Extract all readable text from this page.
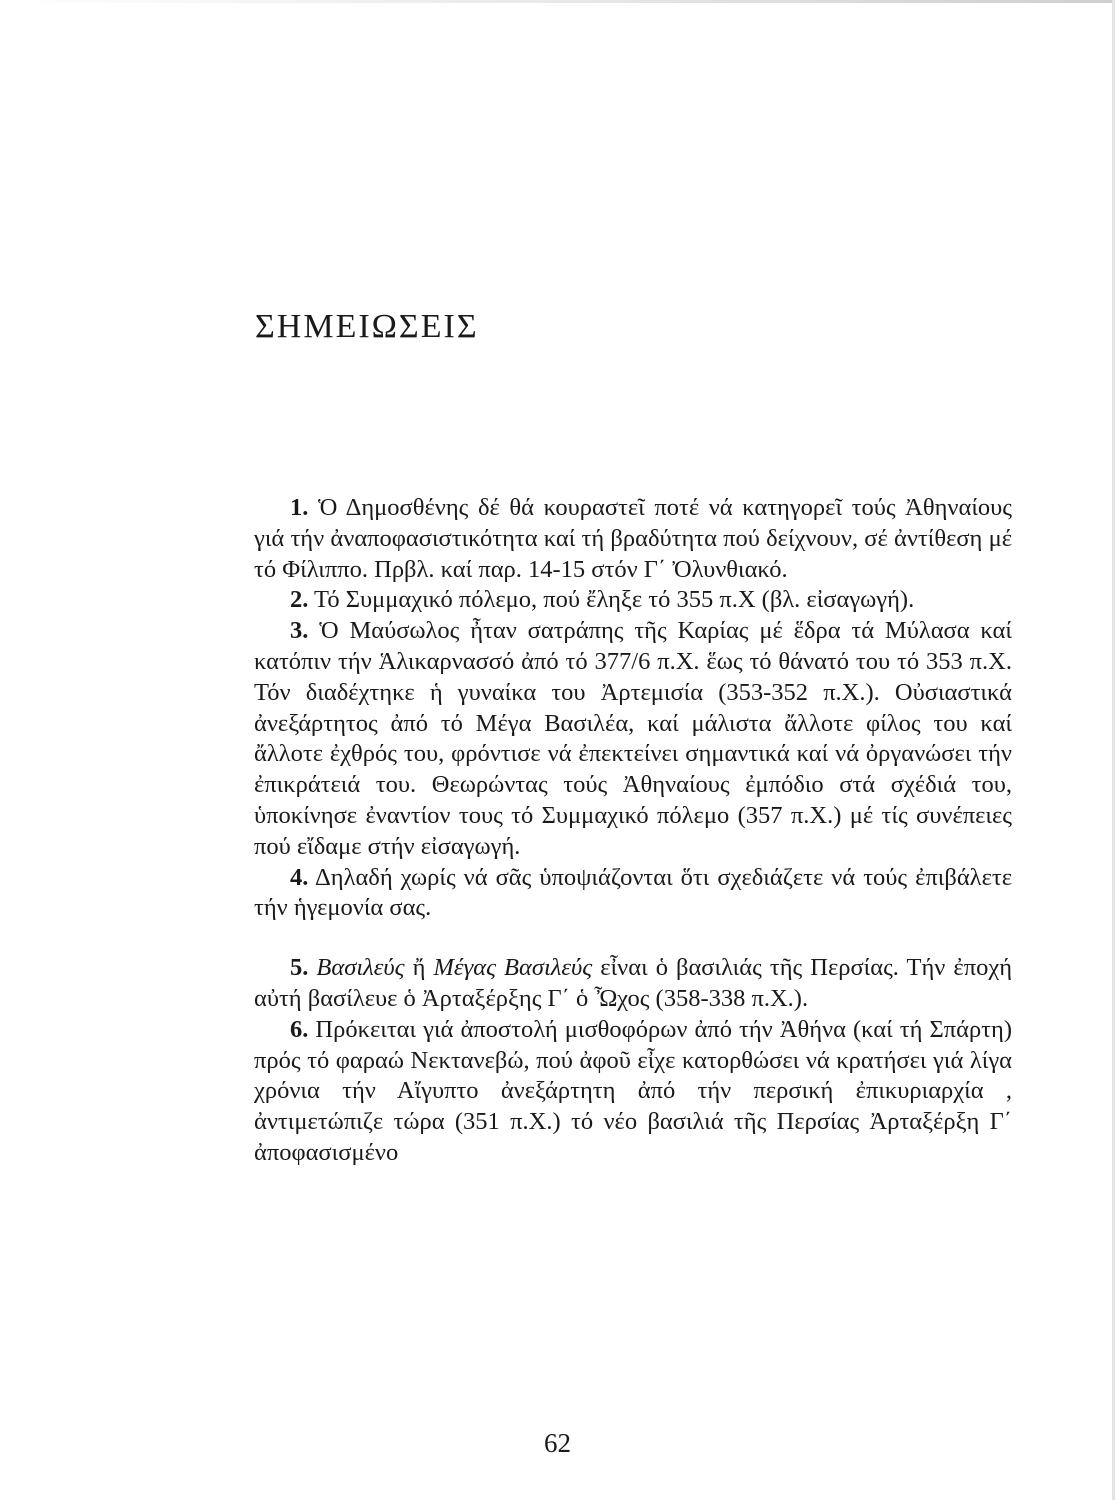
ΣΗΜΕΙΩΣΕΙΣ

1. Ὁ Δημοσθένης δέ θά κουραστεῖ ποτέ νά κατηγορεῖ τούς Ἀθηναίους γιά τήν ἀναποφασιστικότητα καί τή βραδύτητα πού δείχνουν, σέ ἀντίθεση μέ τό Φίλιππο. Πρβλ. καί παρ. 14-15 στόν Γ΄ Ὀλυνθιακό.

2. Τό Συμμαχικό πόλεμο, πού ἔληξε τό 355 π.Χ (βλ. εἰσαγωγή).

3. Ὁ Μαύσωλος ἦταν σατράπης τῆς Καρίας μέ ἕδρα τά Μύλασα καί κατόπιν τήν Ἁλικαρνασσό ἀπό τό 377/6 π.Χ. ἕως τό θάνατό του τό 353 π.Χ. Τόν διαδέχτηκε ἡ γυναίκα του Ἀρτεμισία (353-352 π.Χ.). Οὐσιαστικά ἀνεξάρτητος ἀπό τό Μέγα Βασιλέα, καί μάλιστα ἄλλοτε φίλος του καί ἄλλοτε ἐχθρός του, φρόντισε νά ἐπεκτείνει σημαντικά καί νά ὀργανώσει τήν ἐπικράτειά του. Θεωρώντας τούς Ἀθηναίους ἐμπόδιο στά σχέδιά του, ὑποκίνησε ἐναντίον τους τό Συμμαχικό πόλεμο (357 π.Χ.) μέ τίς συνέπειες πού εἴδαμε στήν εἰσαγωγή.

4. Δηλαδή χωρίς νά σᾶς ὑποψιάζονται ὅτι σχεδιάζετε νά τούς ἐπιβάλετε τήν ἡγεμονία σας.

5. Βασιλεύς ἤ Μέγας Βασιλεύς εἶναι ὁ βασιλιάς τῆς Περσίας. Τήν ἐποχή αὐτή βασίλευε ὁ Ἀρταξέρξης Γ΄ ὁ Ὦχος (358-338 π.Χ.).

6. Πρόκειται γιά ἀποστολή μισθοφόρων ἀπό τήν Ἀθήνα (καί τή Σπάρτη) πρός τό φαραώ Νεκτανεβώ, πού ἀφοῦ εἶχε κατορθώσει νά κρατήσει γιά λίγα χρόνια τήν Αἴγυπτο ἀνεξάρτητη ἀπό τήν περσική ἐπικυριαρχία , ἀντιμετώπιζε τώρα (351 π.Χ.) τό νέο βασιλιά τῆς Περσίας Ἀρταξέρξη Γ΄ ἀποφασισμένο

62
